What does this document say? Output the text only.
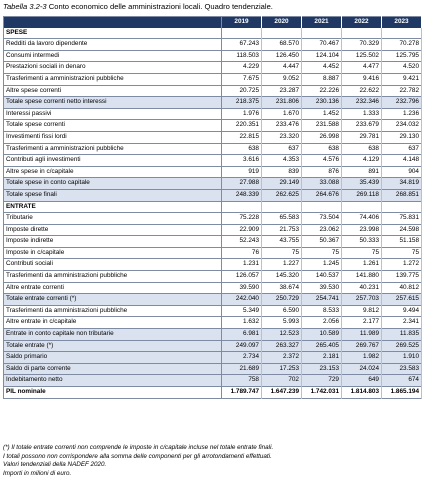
Tabella 3.2-3 Conto economico delle amministrazioni locali. Quadro tendenziale.
	2019	2020	2021	2022	2023
SPESE					
Redditi da lavoro dipendente	67.243	68.570	70.467	70.329	70.278
Consumi intermedi	118.503	126.450	124.104	125.502	125.795
Prestazioni sociali in denaro	4.229	4.447	4.452	4.477	4.520
Trasferimenti a amministrazioni pubbliche	7.675	9.052	8.887	9.416	9.421
Altre spese correnti	20.725	23.287	22.226	22.622	22.782
Totale spese correnti netto interessi	218.375	231.806	230.136	232.346	232.796
Interessi passivi	1.976	1.670	1.452	1.333	1.236
Totale spese correnti	220.351	233.476	231.588	233.679	234.032
Investimenti fissi lordi	22.815	23.320	26.998	29.781	29.130
Trasferimenti a amministrazioni pubbliche	638	637	638	638	637
Contributi agli investimenti	3.616	4.353	4.576	4.129	4.148
Altre spese in c/capitale	919	839	876	891	904
Totale spese in conto capitale	27.988	29.149	33.088	35.439	34.819
Totale spese finali	248.339	262.625	264.676	269.118	268.851
ENTRATE					
Tributarie	75.228	65.583	73.504	74.406	75.831
Imposte dirette	22.909	21.753	23.062	23.998	24.598
Imposte indirette	52.243	43.755	50.367	50.333	51.158
Imposte in c/capitale	76	75	75	75	75
Contributi sociali	1.231	1.227	1.245	1.261	1.272
Trasferimenti da amministrazioni pubbliche	126.057	145.320	140.537	141.880	139.775
Altre entrate correnti	39.590	38.674	39.530	40.231	40.812
Totale entrate correnti (*)	242.040	250.729	254.741	257.703	257.615
Trasferimenti da amministrazioni pubbliche	5.349	6.590	8.533	9.812	9.494
Altre entrate in c/capitale	1.632	5.993	2.056	2.177	2.341
Entrate in conto capitale non tributarie	6.981	12.523	10.589	11.989	11.835
Totale entrate (*)	249.097	263.327	265.405	269.767	269.525
Saldo primario	2.734	2.372	2.181	1.982	1.910
Saldo di parte corrente	21.689	17.253	23.153	24.024	23.583
Indebitamento netto	758	702	729	649	674
PIL nominale	1.789.747	1.647.239	1.742.031	1.814.803	1.865.194
(*) Il totale entrate correnti non comprende le imposte in c/capitale incluse nel totale entrate finali.
I totali possono non corrispondere alla somma delle componenti per gli arrotondamenti effettuati.
Valori tendenziali della NADEF 2020.
Importi in milioni di euro.
